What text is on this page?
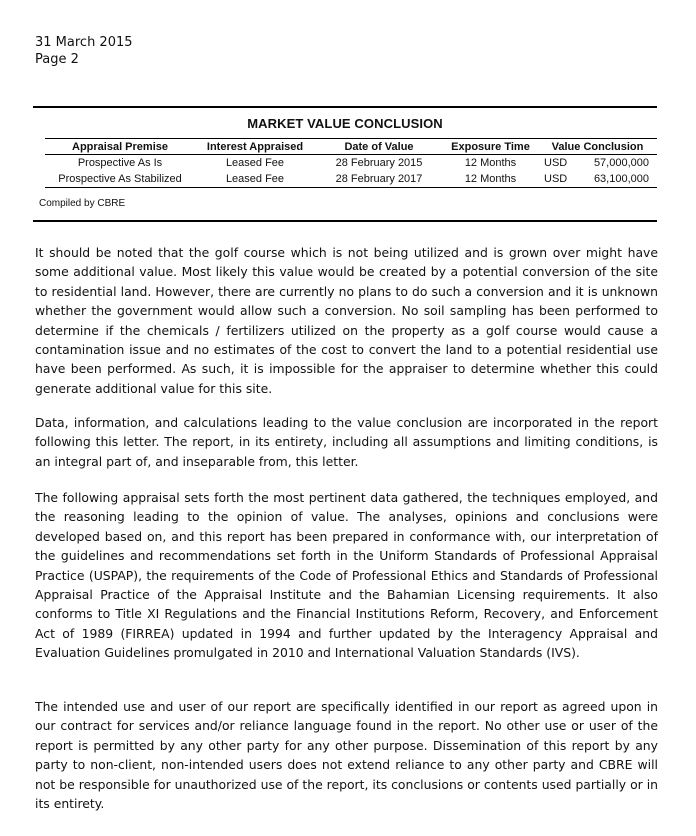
31 March 2015
Page 2
MARKET VALUE CONCLUSION
Appraisal Premise	Interest Appraised	Date of Value	Exposure Time	Value Conclusion
Prospective As Is	Leased Fee	28 February 2015	12 Months	USD 57,000,000

Prospective As Stabilized	Leased Fee	28 February 2017	12 Months	USD 63,100,000
Compiled by CBRE

It should be noted that the golf course which is not being utilized and is grown over might have some additional value. Most likely this value would be created by a potential conversion of the site to residential land. However, there are currently no plans to do such a conversion and it is unknown whether the government would allow such a conversion. No soil sampling has been performed to determine if the chemicals / fertilizers utilized on the property as a golf course would cause a contamination issue and no estimates of the cost to convert the land to a potential residential use have been performed. As such, it is impossible for the appraiser to determine whether this could generate additional value for this site.

Data, information, and calculations leading to the value conclusion are incorporated in the report following this letter. The report, in its entirety, including all assumptions and limiting conditions, is an integral part of, and inseparable from, this letter.

The following appraisal sets forth the most pertinent data gathered, the techniques employed, and the reasoning leading to the opinion of value. The analyses, opinions and conclusions were developed based on, and this report has been prepared in conformance with, our interpretation of the guidelines and recommendations set forth in the Uniform Standards of Professional Appraisal Practice (USPAP), the requirements of the Code of Professional Ethics and Standards of Professional Appraisal Practice of the Appraisal Institute and the Bahamian Licensing requirements. It also conforms to Title XI Regulations and the Financial Institutions Reform, Recovery, and Enforcement Act of 1989 (FIRREA) updated in 1994 and further updated by the Interagency Appraisal and Evaluation Guidelines promulgated in 2010 and International Valuation Standards (IVS).

The intended use and user of our report are specifically identified in our report as agreed upon in our contract for services and/or reliance language found in the report. No other use or user of the report is permitted by any other party for any other purpose. Dissemination of this report by any party to non-client, non-intended users does not extend reliance to any other party and CBRE will not be responsible for unauthorized use of the report, its conclusions or contents used partially or in its entirety.
